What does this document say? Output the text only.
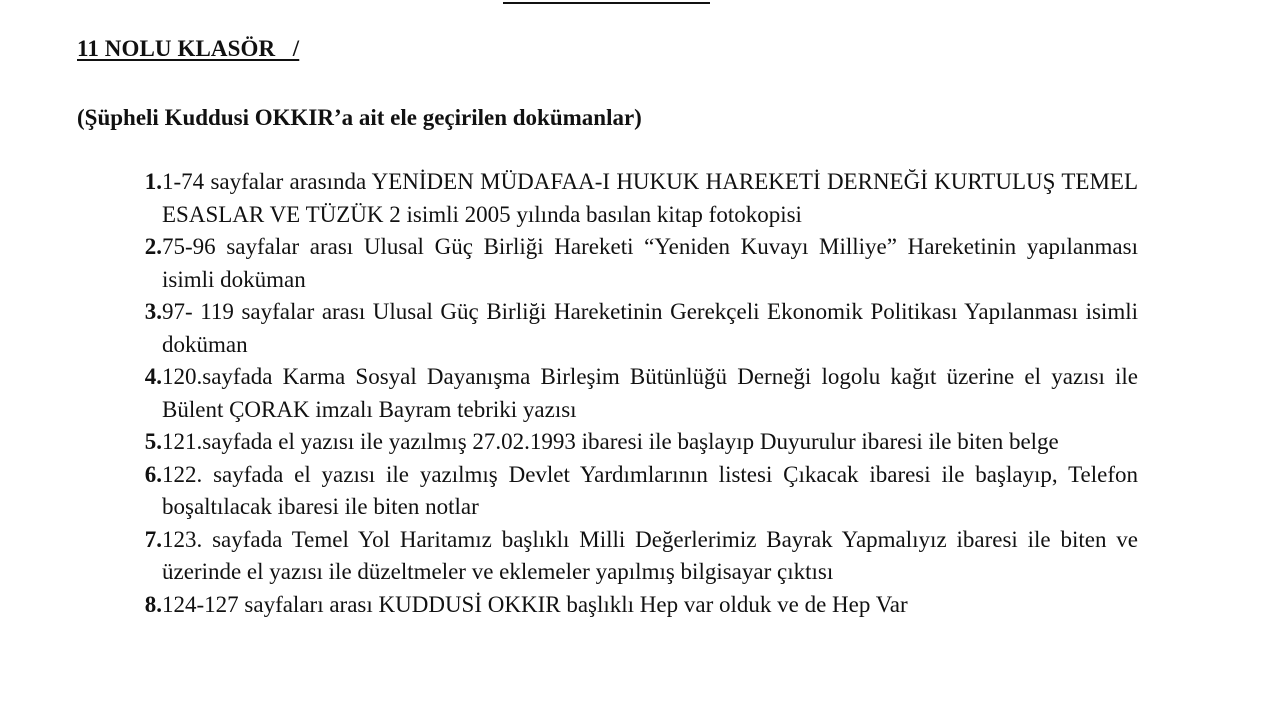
11 NOLU KLASÖR   /
(Şüpheli Kuddusi OKKIR’a ait ele geçirilen dokümanlar)
1. 1-74 sayfalar arasında YENİDEN MÜDAFAA-I HUKUK HAREKETİ DERNEĞİ KURTULUŞ TEMEL ESASLAR VE TÜZÜK 2 isimli 2005 yılında basılan kitap fotokopisi
2. 75-96 sayfalar arası Ulusal Güç Birliği Hareketi “Yeniden Kuvayı Milliye” Hareketinin yapılanması isimli doküman
3. 97- 119 sayfalar arası Ulusal Güç Birliği Hareketinin Gerekçeli Ekonomik Politikası Yapılanması isimli doküman
4. 120.sayfada Karma Sosyal Dayanışma Birleşim Bütünlüğü Derneği logolu kağıt üzerine el yazısı ile Bülent ÇORAK imzalı Bayram tebriki yazısı
5. 121.sayfada el yazısı ile yazılmış 27.02.1993 ibaresi ile başlayıp Duyurulur ibaresi ile biten belge
6. 122. sayfada el yazısı ile yazılmış Devlet Yardımlarının listesi Çıkacak ibaresi ile başlayıp, Telefon boşaltılacak ibaresi ile biten notlar
7. 123. sayfada Temel Yol Haritamız başlıklı Milli Değerlerimiz Bayrak Yapmalıyız ibaresi ile biten ve üzerinde el yazısı ile düzeltmeler ve eklemeler yapılmış bilgisayar çıktısı
8. 124-127 sayfaları arası KUDDUSİ OKKIR başlıklı Hep var olduk ve de Hep Var
